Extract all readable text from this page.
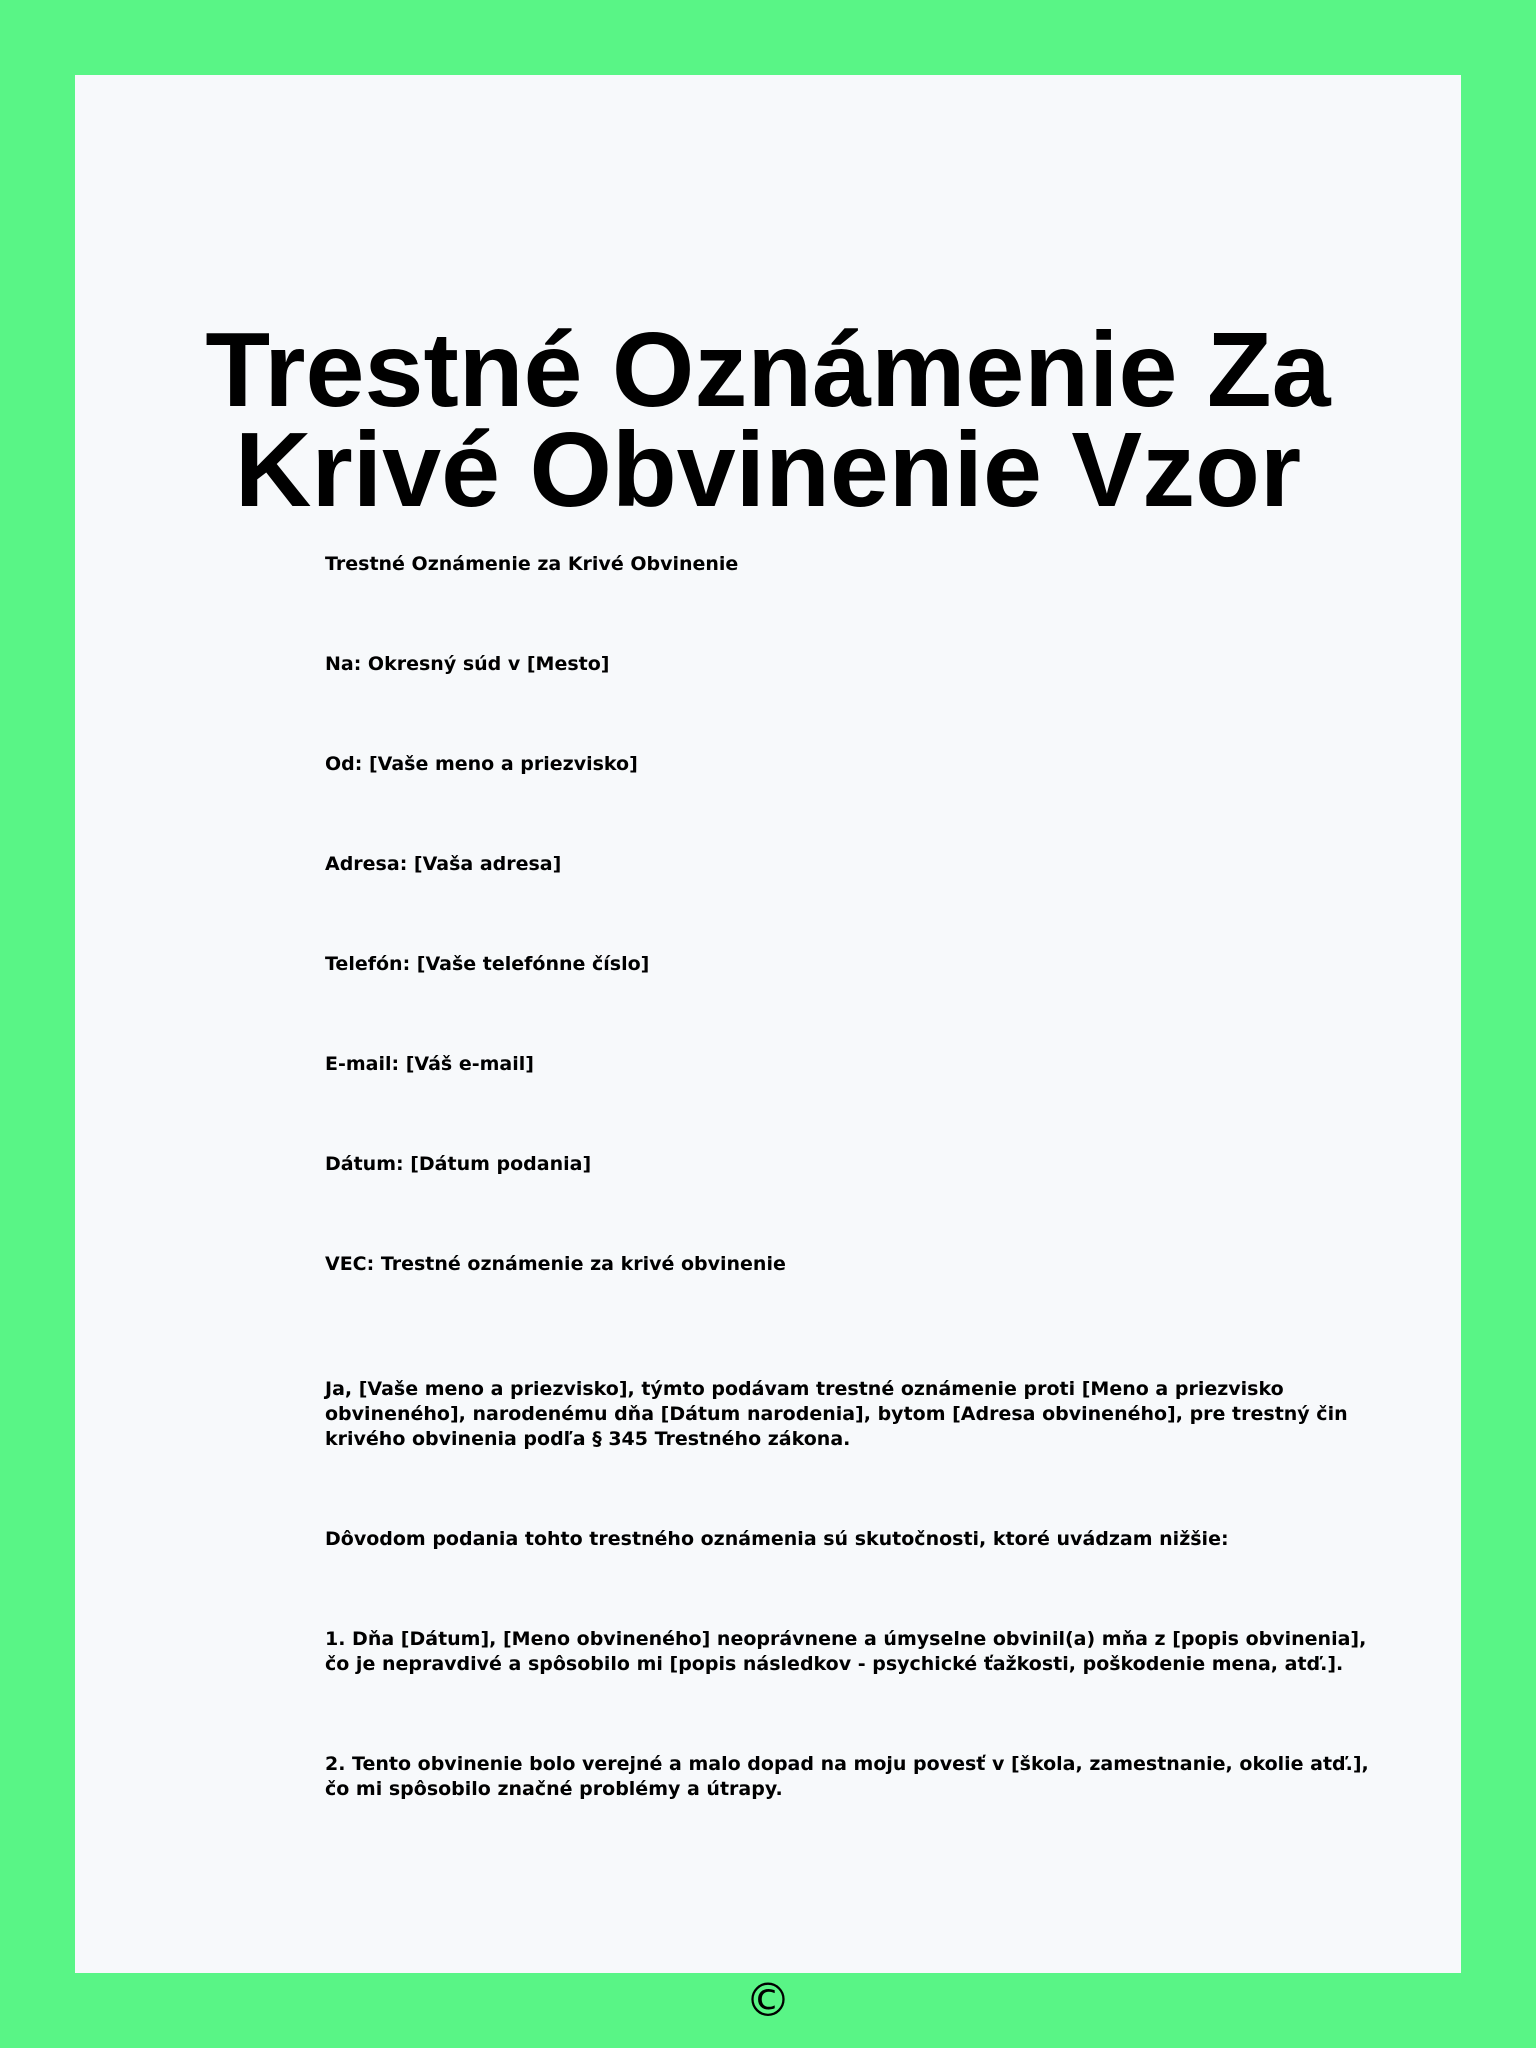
Trestné Oznámenie Za Krivé Obvinenie Vzor

Trestné Oznámenie za Krivé Obvinenie

Na: Okresný súd v [Mesto]

Od: [Vaše meno a priezvisko]

Adresa: [Vaša adresa]

Telefón: [Vaše telefónne číslo]

E-mail: [Váš e-mail]

Dátum: [Dátum podania]

VEC: Trestné oznámenie za krivé obvinenie

Ja, [Vaše meno a priezvisko], týmto podávam trestné oznámenie proti [Meno a priezvisko obvineného], narodenému dňa [Dátum narodenia], bytom [Adresa obvineného], pre trestný čin krivého obvinenia podľa § 345 Trestného zákona.

Dôvodom podania tohto trestného oznámenia sú skutočnosti, ktoré uvádzam nižšie:

1. Dňa [Dátum], [Meno obvineného] neoprávnene a úmyselne obvinil(a) mňa z [popis obvinenia], čo je nepravdivé a spôsobilo mi [popis následkov - psychické ťažkosti, poškodenie mena, atď.].

2. Tento obvinenie bolo verejné a malo dopad na moju povesť v [škola, zamestnanie, okolie atď.], čo mi spôsobilo značné problémy a útrapy.

©
